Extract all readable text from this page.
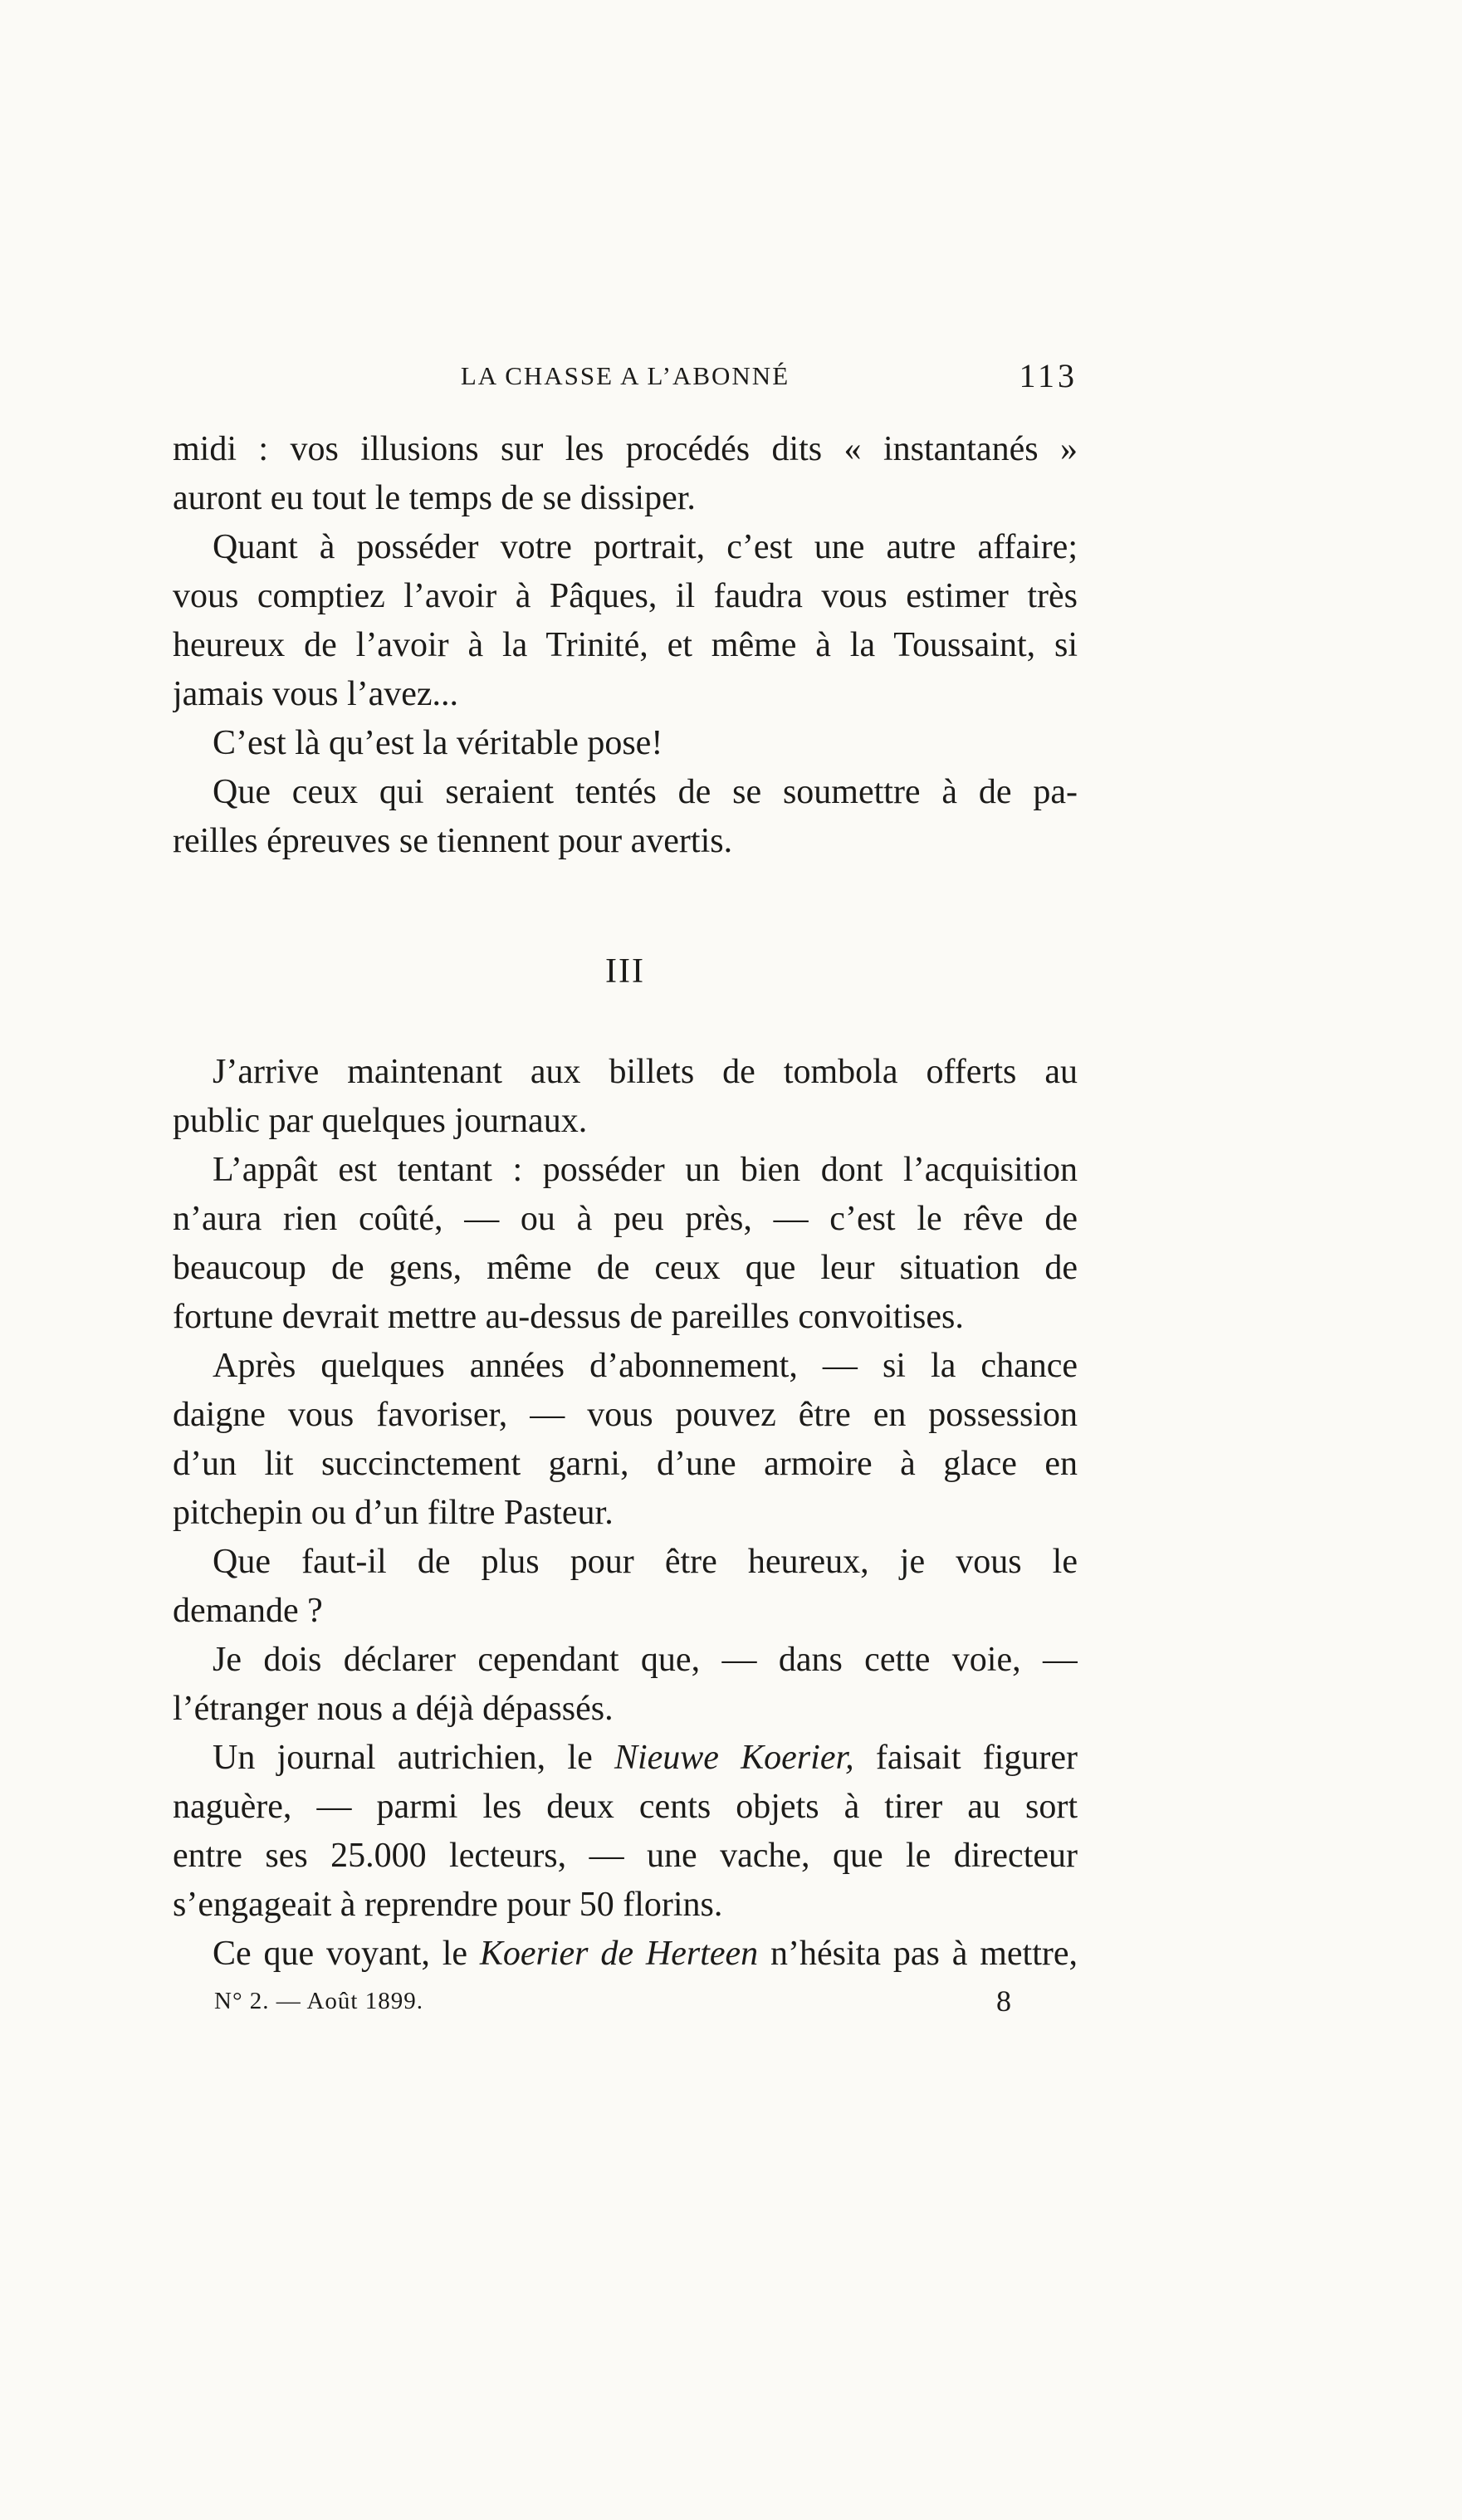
LA CHASSE A L’ABONNÉ	113
midi : vos illusions sur les procédés dits « instantanés »
auront eu tout le temps de se dissiper.
Quant à posséder votre portrait, c’est une autre affaire;
vous comptiez l’avoir à Pâques, il faudra vous estimer très
heureux de l’avoir à la Trinité, et même à la Toussaint, si
jamais vous l’avez...
C’est là qu’est la véritable pose!
Que ceux qui seraient tentés de se soumettre à de pa-
reilles épreuves se tiennent pour avertis.
III
J’arrive maintenant aux billets de tombola offerts au
public par quelques journaux.
L’appât est tentant : posséder un bien dont l’acquisition
n’aura rien coûté, — ou à peu près, — c’est le rêve de
beaucoup de gens, même de ceux que leur situation de
fortune devrait mettre au-dessus de pareilles convoitises.
Après quelques années d’abonnement, — si la chance
daigne vous favoriser, — vous pouvez être en possession
d’un lit succinctement garni, d’une armoire à glace en
pitchepin ou d’un filtre Pasteur.
Que faut-il de plus pour être heureux, je vous le
demande ?
Je dois déclarer cependant que, — dans cette voie, —
l’étranger nous a déjà dépassés.
Un journal autrichien, le Nieuwe Koerier, faisait figurer
naguère, — parmi les deux cents objets à tirer au sort
entre ses 25.000 lecteurs, — une vache, que le directeur
s’engageait à reprendre pour 50 florins.
Ce que voyant, le Koerier de Herteen n’hésita pas à mettre,
N° 2. — Août 1899.	8
